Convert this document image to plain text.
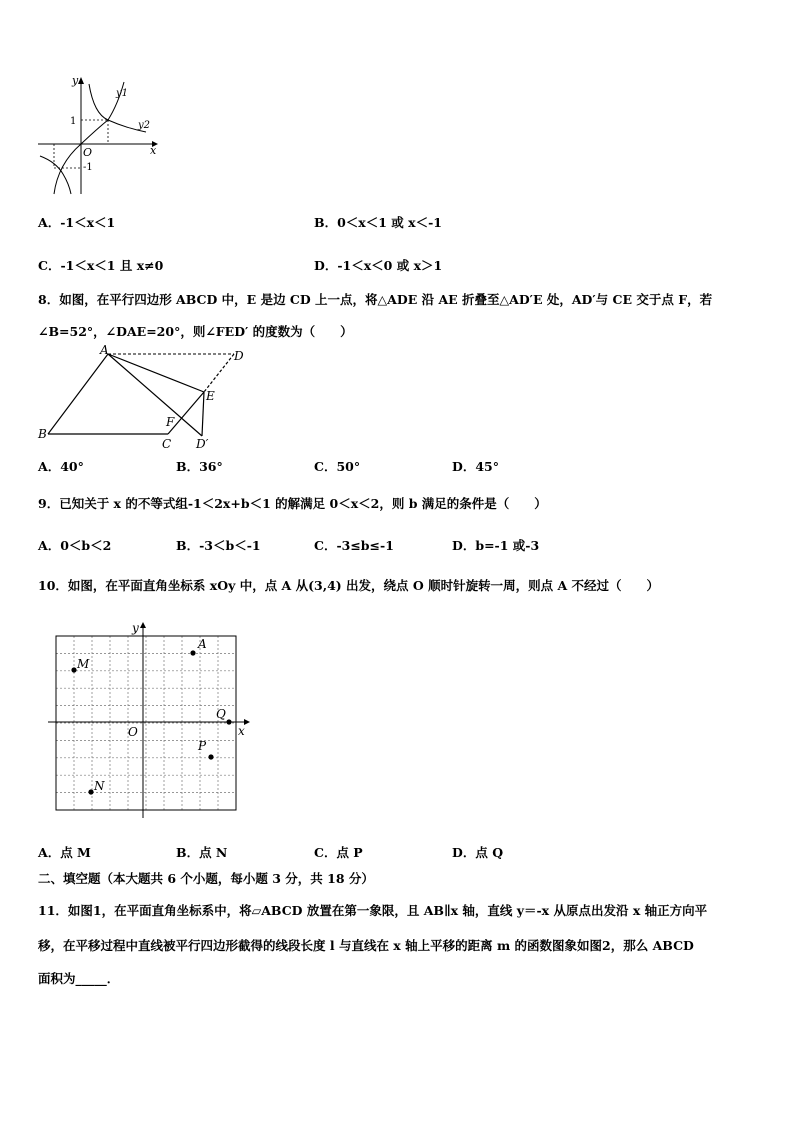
y
x
y1
y2
O
1
-1
A．-1＜x＜1	B．0＜x＜1 或 x＜-1
C．-1＜x＜1 且 x≠0	D．-1＜x＜0 或 x＞1
8．如图，在平行四边形 ABCD 中，E 是边 CD 上一点，将△ADE 沿 AE 折叠至△AD′E 处，AD′与 CE 交于点 F，若
∠B=52°，∠DAE=20°，则∠FED′ 的度数为（　　）
A	D
B
E
F
C D′
A．40°	B．36°	C．50°	D．45°
9．已知关于 x 的不等式组-1＜2x+b＜1 的解满足 0＜x＜2，则 b 满足的条件是（　　）
A．0＜b＜2	B．-3＜b＜-1	C．-3≤b≤-1	D．b=-1 或-3
10．如图，在平面直角坐标系 xOy 中，点 A 从(3,4) 出发，绕点 O 顺时针旋转一周，则点 A 不经过（　　）
y
x
O
A
M
Q
P
N
A．点 M	B．点 N	C．点 P	D．点 Q
二、填空题（本大题共 6 个小题，每小题 3 分，共 18 分）
11．如图1，在平面直角坐标系中，将▱ABCD 放置在第一象限，且 AB∥x 轴，直线 y＝-x 从原点出发沿 x 轴正方向平
移，在平移过程中直线被平行四边形截得的线段长度 l 与直线在 x 轴上平移的距离 m 的函数图象如图2，那么 ABCD
面积为_____．
